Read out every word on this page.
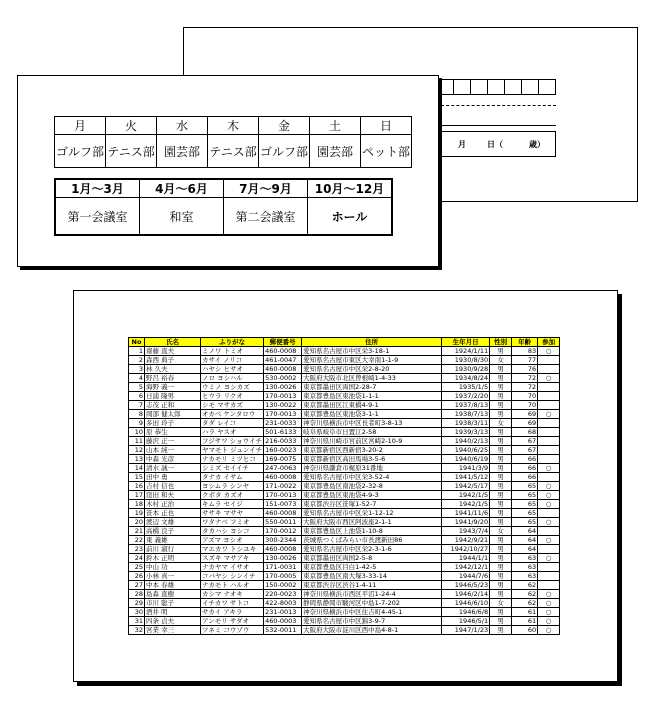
月	日（	歳）
月	火	水	木	金	土	日
ゴルフ部	テニス部	園芸部	テニス部	ゴルフ部	園芸部	ペット部
1月～3月	4月～6月	7月～9月	10月～12月
第一会議室	和室	第二会議室	ホール
No	氏名	ふりがな	郵便番号	住所	生年月日	性別	年齢	参加
1	齋藤 直夫	ミノワ トミオ	460-0008	愛知県名古屋市中区栄3-18-1	1924/1/11	男	83	○
2	森西 典子	カサイ ノリコ	461-0047	愛知県名古屋市東区大幸南1-1-9	1930/8/30	女	77	
3	林 久夫	ハヤシ ヒサオ	460-0008	愛知県名古屋市中区栄2-8-20	1930/9/28	男	76	
4	野呂 裕春	ノロ ヨシハル	530-0002	大阪府大阪市北区曽根崎1-4-33	1934/8/24	男	72	○
5	海野 義一	ウミノ ヨシカズ	130-0026	東京都墨田区両国2-28-7	1935/1/5	男	72	
6	日浦 隆男	ヒウラ リクオ	170-0013	東京都豊島区東池袋1-1-1	1937/2/20	男	70	
7	志茂 正和	シモ マサカズ	130-0022	東京都墨田区江東橋4-9-1	1937/8/13	男	70	
8	岡部 健太郎	オカベ ケンタロウ	170-0013	東京都豊島区東池袋3-1-1	1938/7/13	男	69	○
9	多田 玲子	タダ レイコ	231-0033	神奈川県横浜市中区長者町3-8-13	1938/3/11	女	69	
10	原 恭生	ハラ ヤスオ	501-6133	岐阜県岐阜市日置江2-58	1939/3/13	男	68	
11	藤沢 正一	フジサワ ショウイチ	216-0033	神奈川県川崎市宮前区宮崎2-10-9	1940/2/13	男	67	
12	山本 純一	ヤマモト ジュンイチ	160-0023	東京都新宿区西新宿3-20-2	1940/6/25	男	67	
13	中森 光彦	ナカモリ ミツヒコ	169-0075	東京都新宿区高田馬場3-5-6	1940/6/19	男	66	
14	清水 誠一	シミズ セイイチ	247-0063	神奈川県鎌倉市梶原31番地	1941/3/9	男	66	○
15	田中 勇	タナカ イサム	460-0008	愛知県名古屋市中区栄3-52-4	1941/5/12	男	66	
16	吉村 信也	ヨシムラ シンヤ	171-0022	東京都豊島区南池袋2-32-8	1942/5/17	男	65	○
17	窪田 和夫	クボタ カズオ	170-0013	東京都豊島区東池袋4-9-3	1942/1/5	男	65	○
18	木村 正治	キムラ セイジ	151-0073	東京都渋谷区笹塚1-52-7	1942/1/5	男	65	○
19	笹本 正也	ササキ マサヤ	460-0008	愛知県名古屋市中区栄1-12-12	1941/11/6	男	65	
20	渡辺 文雄	ワタナベ フミオ	550-0011	大阪府大阪市西区阿波座2-1-1	1941/9/20	男	65	○
21	高橋 良子	タカハシ ヨシコ	170-0012	東京都豊島区上池袋1-10-8	1943/7/4	女	64	
22	東 義雄	アズマ ヨシオ	300-2344	茨城県つくばみらい市長渡新田86	1942/9/21	男	64	○
23	前川 淑行	マエカワ トシユキ	460-0008	愛知県名古屋市中区栄2-3-1-6	1942/10/27	男	64	
24	鈴木 正明	スズキ マサアキ	130-0026	東京都墨田区両国2-5-8	1944/1/1	男	63	○
25	中山 功	ナカヤマ イサオ	171-0031	東京都豊島区目白1-42-5	1942/12/1	男	63	
26	小林 真一	コバヤシ シンイチ	170-0005	東京都豊島区南大塚3-33-14	1944/7/6	男	63	
27	中本 春雄	ナカモト ハルオ	150-0002	東京都渋谷区渋谷1-4-11	1946/5/23	男	62	
28	島森 直樹	カシマ ナオキ	220-0023	神奈川県横浜市西区平沼1-24-4	1946/2/14	男	62	○
29	市川 聡子	イチカワ サトコ	422-8003	静岡県静岡市駿河区中島1-7-202	1946/6/10	女	62	○
30	酒井 明	サカイ アキラ	231-0013	神奈川県横浜市中区住吉町4-45-1	1946/6/8	男	61	○
31	四条 貞夫	アンモリ サダオ	460-0003	愛知県名古屋市中区錦3-9-7	1946/5/1	男	61	○
32	宮業 幸三	ツネミ コウゾウ	532-0011	大阪府大阪市淀川区西中島4-8-1	1947/1/23	男	60	○
